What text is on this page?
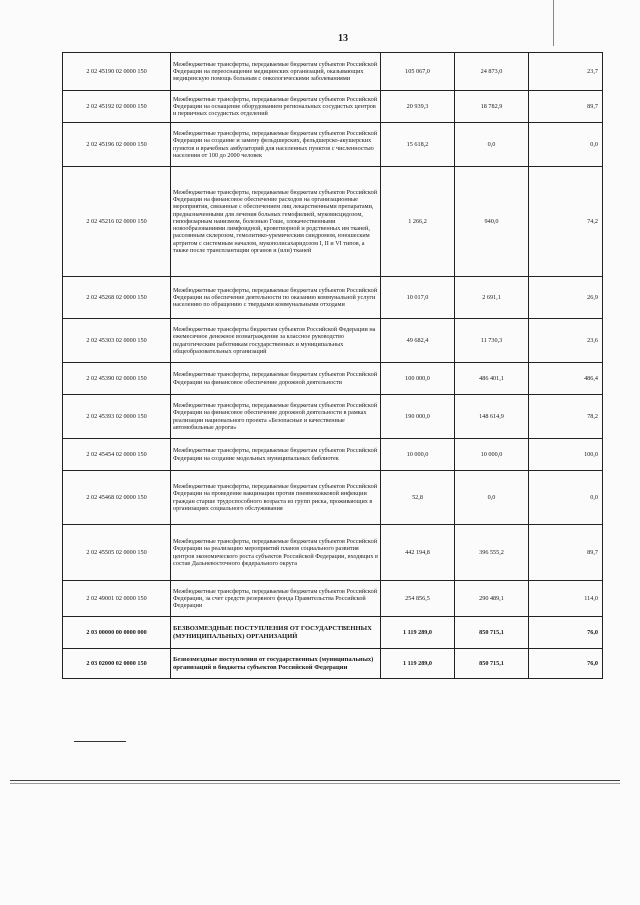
13
2 02 45190 02 0000 150	Межбюджетные трансферты, передаваемые бюджетам субъектов Российской Федерации на переоснащение медицинских организаций, оказывающих медицинскую помощь больным с онкологическими заболеваниями	105 067,0	24 873,0	23,7
2 02 45192 02 0000 150	Межбюджетные трансферты, передаваемые бюджетам субъектов Российской Федерации на оснащение оборудованием региональных сосудистых центров и первичных сосудистых отделений	20 939,3	18 782,9	89,7
2 02 45196 02 0000 150	Межбюджетные трансферты, передаваемые бюджетам субъектов Российской Федерации на создание и замену фельдшерских, фельдшерско-акушерских пунктов и врачебных амбулаторий для населенных пунктов с численностью населения от 100 до 2000 человек	15 618,2	0,0	0,0
2 02 45216 02 0000 150	Межбюджетные трансферты, передаваемые бюджетам субъектов Российской Федерации на финансовое обеспечение расходов на организационные мероприятия, связанные с обеспечением лиц лекарственными препаратами, предназначенными для лечения больных гемофилией, муковисцидозом, гипофизарным нанизмом, болезнью Гоше, злокачественными новообразованиями лимфоидной, кроветворной и родственных им тканей, рассеянным склерозом, гемолитико-уремическим синдромом, юношеским артритом с системным началом, мукополисахаридозом I, II и VI типов, а также после трансплантации органов и (или) тканей	1 266,2	940,0	74,2
2 02 45268 02 0000 150	Межбюджетные трансферты, передаваемые бюджетам субъектов Российской Федерации на обеспечение деятельности по оказанию коммунальной услуги населению по обращению с твердыми коммунальными отходами	10 017,0	2 691,1	26,9
2 02 45303 02 0000 150	Межбюджетные трансферты бюджетам субъектов Российской Федерации на ежемесячное денежное вознаграждение за классное руководство педагогическим работникам государственных и муниципальных общеобразовательных организаций	49 682,4	11 730,3	23,6
2 02 45390 02 0000 150	Межбюджетные трансферты, передаваемые бюджетам субъектов Российской Федерации на финансовое обеспечение дорожной деятельности	100 000,0	486 401,1	486,4
2 02 45393 02 0000 150	Межбюджетные трансферты, передаваемые бюджетам субъектов Российской Федерации на финансовое обеспечение дорожной деятельности в рамках реализации национального проекта «Безопасные и качественные автомобильные дороги»	190 000,0	148 614,9	78,2
2 02 45454 02 0000 150	Межбюджетные трансферты, передаваемые бюджетам субъектов Российской Федерации на создание модельных муниципальных библиотек	10 000,0	10 000,0	100,0
2 02 45468 02 0000 150	Межбюджетные трансферты, передаваемые бюджетам субъектов Российской Федерации на проведение вакцинации против пневмококковой инфекции граждан старше трудоспособного возраста из групп риска, проживающих в организациях социального обслуживания	52,8	0,0	0,0
2 02 45505 02 0000 150	Межбюджетные трансферты, передаваемые бюджетам субъектов Российской Федерации на реализацию мероприятий планов социального развития центров экономического роста субъектов Российской Федерации, входящих в состав Дальневосточного федерального округа	442 194,8	396 555,2	89,7
2 02 49001 02 0000 150	Межбюджетные трансферты, передаваемые бюджетам субъектов Российской Федерации, за счет средств резервного фонда Правительства Российской Федерации	254 856,5	290 489,1	114,0
2 03 00000 00 0000 000	БЕЗВОЗМЕЗДНЫЕ ПОСТУПЛЕНИЯ ОТ ГОСУДАРСТВЕННЫХ (МУНИЦИПАЛЬНЫХ) ОРГАНИЗАЦИЙ	1 119 289,0	850 715,1	76,0
2 03 02000 02 0000 150	Безвозмездные поступления от государственных (муниципальных) организаций в бюджеты субъектов Российской Федерации	1 119 289,0	850 715,1	76,0
